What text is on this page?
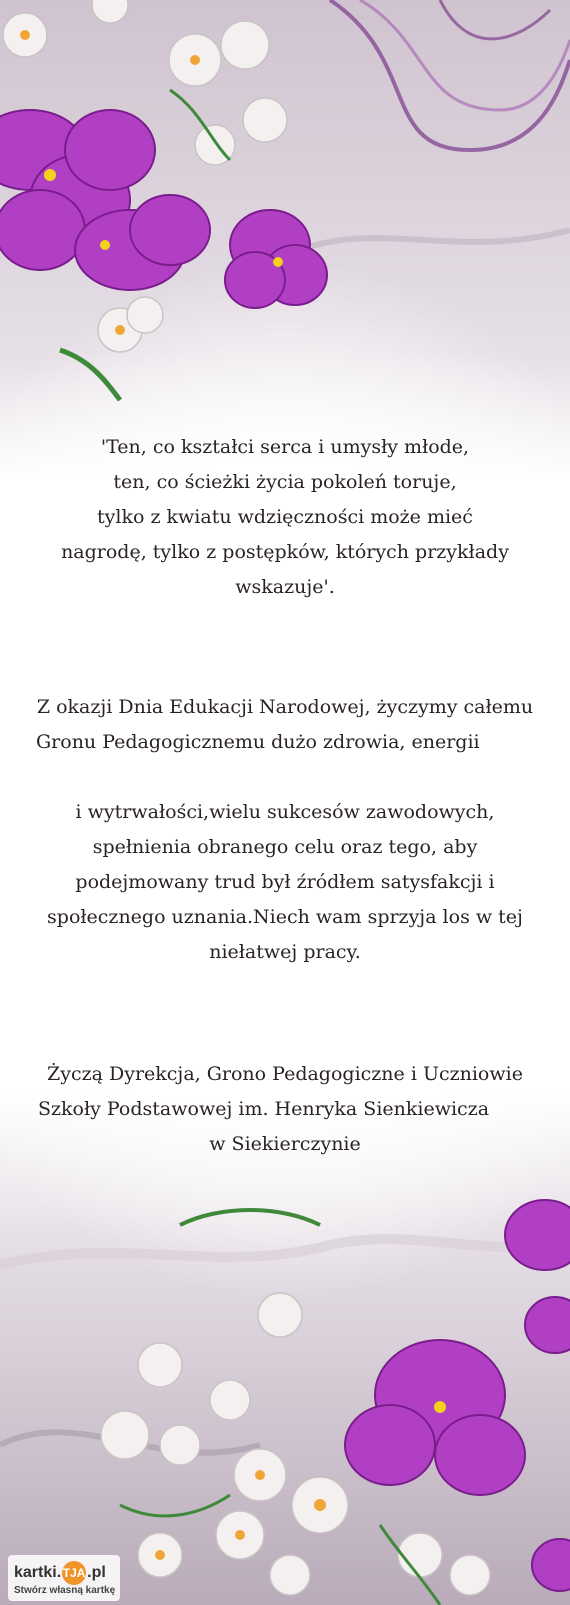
'Ten, co kształci serca i umysły młode,
ten, co ścieżki życia pokoleń toruje,
tylko z kwiatu wdzięczności może mieć
nagrodę, tylko z postępków, których przykłady
wskazuje'.
Z okazji Dnia Edukacji Narodowej, życzymy całemu
Gronu Pedagogicznemu dużo zdrowia, energii
i wytrwałości,wielu sukcesów zawodowych,
spełnienia obranego celu oraz tego, aby
podejmowany trud był źródłem satysfakcji i
społecznego uznania.Niech wam sprzyja los w tej
niełatwej pracy.
Życzą Dyrekcja, Grono Pedagogiczne i Uczniowie
Szkoły Podstawowej im. Henryka Sienkiewicza
w Siekierczynie
kartki. TJA .pl
Stwórz własną kartkę
